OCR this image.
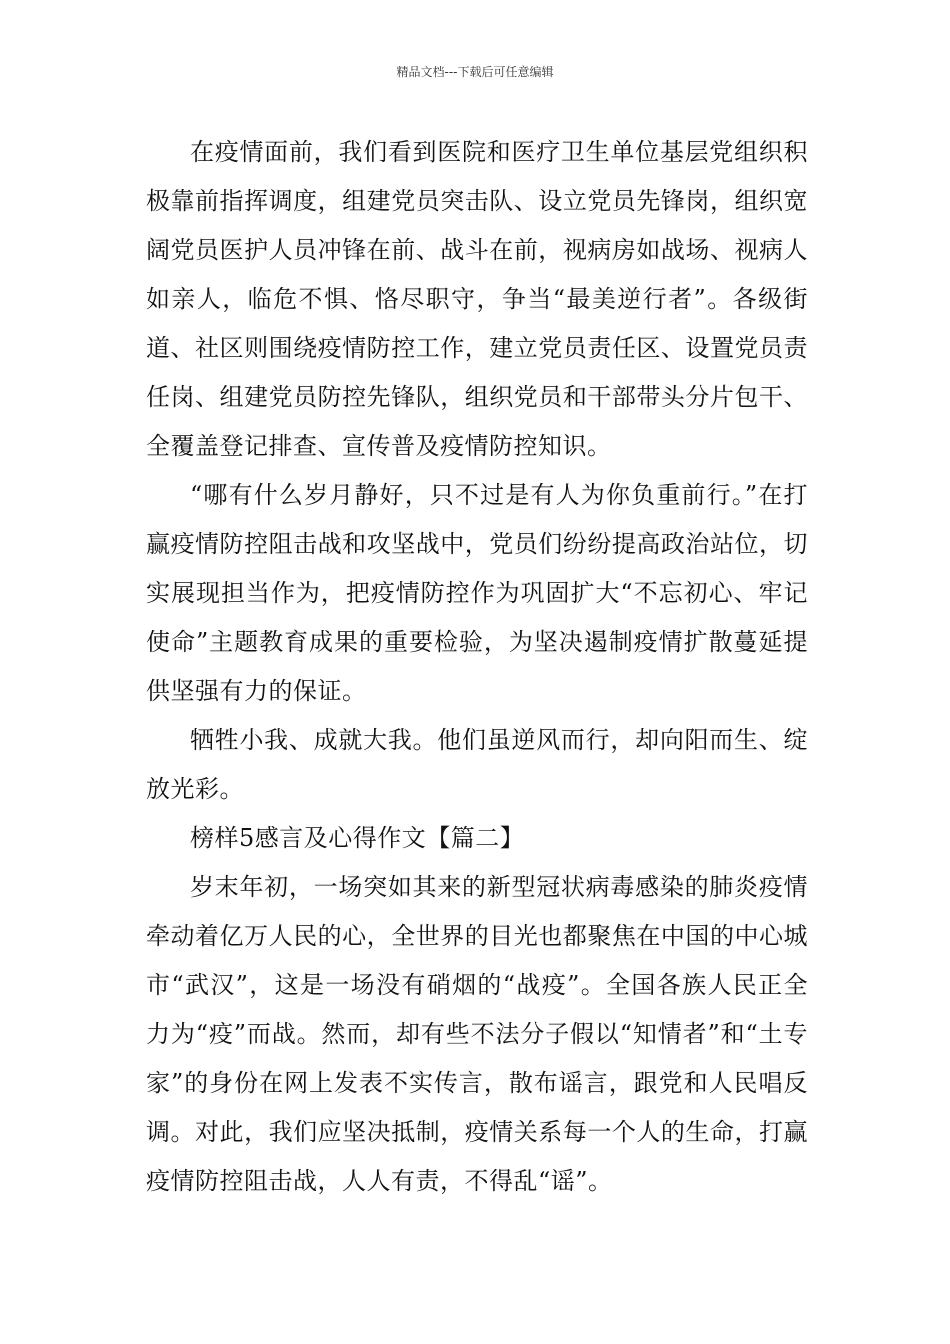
精品文档---下载后可任意编辑

在疫情面前，我们看到医院和医疗卫生单位基层党组织积极靠前指挥调度，组建党员突击队、设立党员先锋岗，组织宽阔党员医护人员冲锋在前、战斗在前，视病房如战场、视病人如亲人，临危不惧、恪尽职守，争当“最美逆行者”。各级街道、社区则围绕疫情防控工作，建立党员责任区、设置党员责任岗、组建党员防控先锋队，组织党员和干部带头分片包干、全覆盖登记排查、宣传普及疫情防控知识。

“哪有什么岁月静好，只不过是有人为你负重前行。”在打赢疫情防控阻击战和攻坚战中，党员们纷纷提高政治站位，切实展现担当作为，把疫情防控作为巩固扩大“不忘初心、牢记使命”主题教育成果的重要检验，为坚决遏制疫情扩散蔓延提供坚强有力的保证。

牺牲小我、成就大我。他们虽逆风而行，却向阳而生、绽放光彩。

榜样5感言及心得作文【篇二】

岁末年初，一场突如其来的新型冠状病毒感染的肺炎疫情牵动着亿万人民的心，全世界的目光也都聚焦在中国的中心城市“武汉”，这是一场没有硝烟的“战疫”。全国各族人民正全力为“疫”而战。然而，却有些不法分子假以“知情者”和“土专家”的身份在网上发表不实传言，散布谣言，跟党和人民唱反调。对此，我们应坚决抵制，疫情关系每一个人的生命，打赢疫情防控阻击战，人人有责，不得乱“谣”。
